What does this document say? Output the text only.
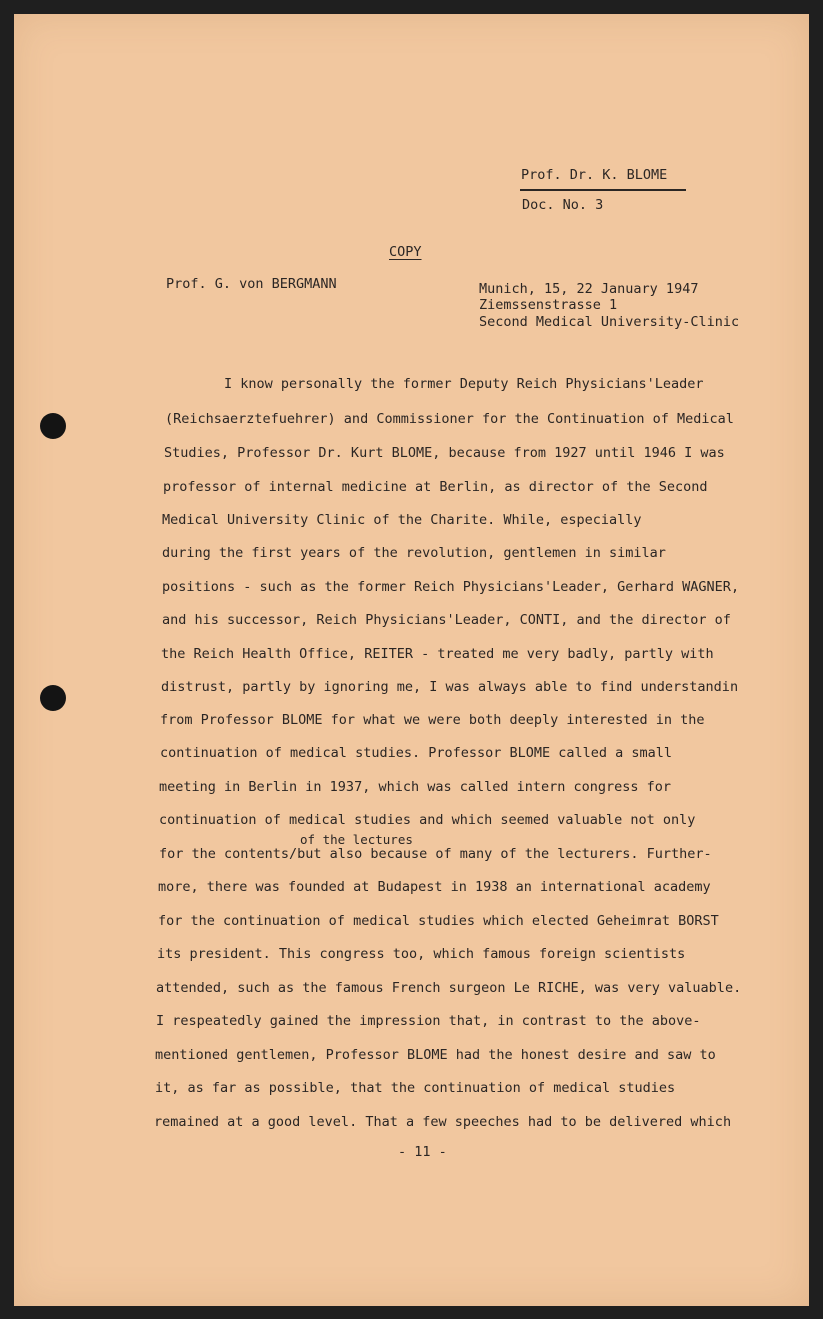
Prof. Dr. K. BLOME
Doc. No. 3
COPY
Prof. G. von BERGMANN	Munich, 15, 22 January 1947
Ziemssenstrasse 1
Second Medical University-Clinic
I know personally the former Deputy Reich Physicians'Leader
(Reichsaerztefuehrer) and Commissioner for the Continuation of Medical
Studies, Professor Dr. Kurt BLOME, because from 1927 until 1946 I was
professor of internal medicine at Berlin, as director of the Second
Medical University Clinic of the Charite. While, especially
during the first years of the revolution, gentlemen in similar
positions - such as the former Reich Physicians'Leader, Gerhard WAGNER,
and his successor, Reich Physicians'Leader, CONTI, and the director of
the Reich Health Office, REITER - treated me very badly, partly with
distrust, partly by ignoring me, I was always able to find understandin
from Professor BLOME for what we were both deeply interested in the
continuation of medical studies. Professor BLOME called a small
meeting in Berlin in 1937, which was called intern congress for
continuation of medical studies and which seemed valuable not only
of the lectures
for the contents/but also because of many of the lecturers. Further-
more, there was founded at Budapest in 1938 an international academy
for the continuation of medical studies which elected Geheimrat BORST
its president. This congress too, which famous foreign scientists
attended, such as the famous French surgeon Le RICHE, was very valuable.
I respeatedly gained the impression that, in contrast to the above-
mentioned gentlemen, Professor BLOME had the honest desire and saw to
it, as far as possible, that the continuation of medical studies
remained at a good level. That a few speeches had to be delivered which
- 11 -
